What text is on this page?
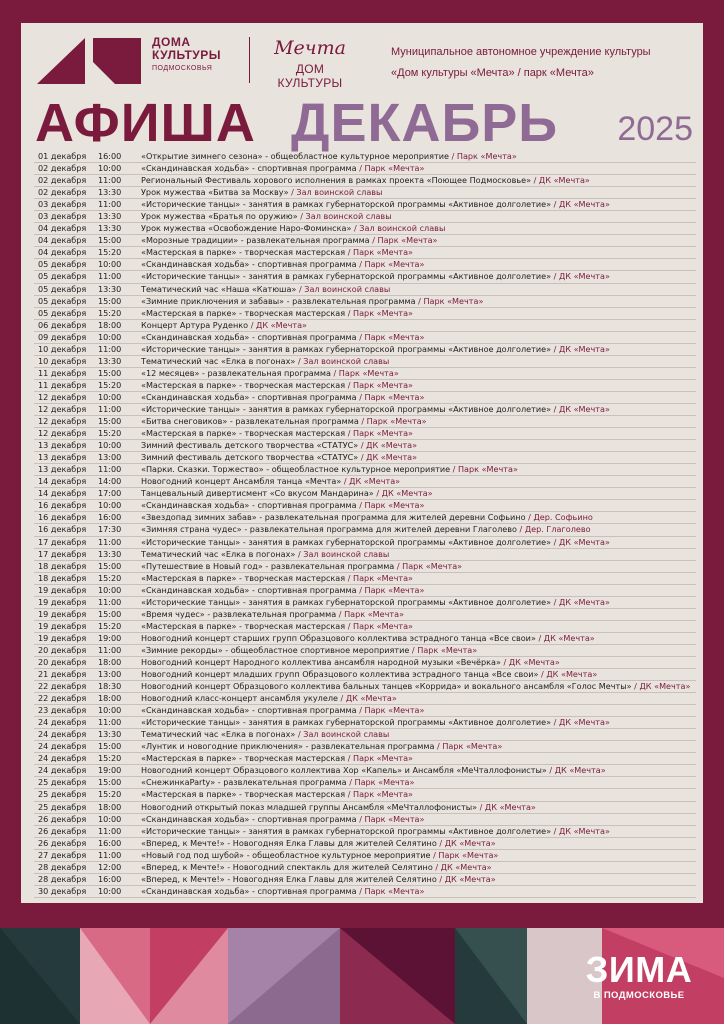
ДОМА
КУЛЬТУРЫ
ПОДМОСКОВЬЯ
Мечта
ДОМ КУЛЬТУРЫ
Муниципальное автономное учреждение культуры
«Дом культуры «Мечта» / парк «Мечта»
АФИША ДЕКАБРЬ 2025
01 декабря	16:00	«Открытие зимнего сезона» - общеобластное культурное мероприятие / Парк «Мечта»
02 декабря	10:00	«Скандинавская ходьба» - спортивная программа / Парк «Мечта»
02 декабря	11:00	Региональный Фестиваль хорового исполнения в рамках проекта «Поющее Подмосковье» / ДК «Мечта»
02 декабря	13:30	Урок мужества «Битва за Москву» / Зал воинской славы
03 декабря	11:00	«Исторические танцы» - занятия в рамках губернаторской программы «Активное долголетие» / ДК «Мечта»
03 декабря	13:30	Урок мужества «Братья по оружию» / Зал воинской славы
04 декабря	13:30	Урок мужества «Освобождение Наро-Фоминска» / Зал воинской славы
04 декабря	15:00	«Морозные традиции» - развлекательная программа / Парк «Мечта»
04 декабря	15:20	«Мастерская в парке» - творческая мастерская / Парк «Мечта»
05 декабря	10:00	«Скандинавская ходьба» - спортивная программа / Парк «Мечта»
05 декабря	11:00	«Исторические танцы» - занятия в рамках губернаторской программы «Активное долголетие» / ДК «Мечта»
05 декабря	13:30	Тематический час «Наша «Катюша» / Зал воинской славы
05 декабря	15:00	«Зимние приключения и забавы» - развлекательная программа / Парк «Мечта»
05 декабря	15:20	«Мастерская в парке» - творческая мастерская / Парк «Мечта»
06 декабря	18:00	Концерт Артура Руденко / ДК «Мечта»
09 декабря	10:00	«Скандинавская ходьба» - спортивная программа / Парк «Мечта»
10 декабря	11:00	«Исторические танцы» - занятия в рамках губернаторской программы «Активное долголетие» / ДК «Мечта»
10 декабря	13:30	Тематический час «Елка в погонах» / Зал воинской славы
11 декабря	15:00	«12 месяцев» - развлекательная программа / Парк «Мечта»
11 декабря	15:20	«Мастерская в парке» - творческая мастерская / Парк «Мечта»
12 декабря	10:00	«Скандинавская ходьба» - спортивная программа / Парк «Мечта»
12 декабря	11:00	«Исторические танцы» - занятия в рамках губернаторской программы «Активное долголетие» / ДК «Мечта»
12 декабря	15:00	«Битва снеговиков» - развлекательная программа / Парк «Мечта»
12 декабря	15:20	«Мастерская в парке» - творческая мастерская / Парк «Мечта»
13 декабря	10:00	Зимний фестиваль детского творчества «СТАТУС» / ДК «Мечта»
13 декабря	13:00	Зимний фестиваль детского творчества «СТАТУС» / ДК «Мечта»
13 декабря	11:00	«Парки. Сказки. Торжество» - общеобластное культурное мероприятие / Парк «Мечта»
14 декабря	14:00	Новогодний концерт Ансамбля танца «Мечта» / ДК «Мечта»
14 декабря	17:00	Танцевальный дивертисмент «Со вкусом Мандарина» / ДК «Мечта»
16 декабря	10:00	«Скандинавская ходьба» - спортивная программа / Парк «Мечта»
16 декабря	16:00	«Звездопад зимних забав» - развлекательная программа для жителей деревни Софьино / Дер. Софьино
16 декабря	17:30	«Зимняя страна чудес» - развлекательная программа для жителей деревни Глаголево / Дер. Глаголево
17 декабря	11:00	«Исторические танцы» - занятия в рамках губернаторской программы «Активное долголетие» / ДК «Мечта»
17 декабря	13:30	Тематический час «Елка в погонах» / Зал воинской славы
18 декабря	15:00	«Путешествие в Новый год» - развлекательная программа / Парк «Мечта»
18 декабря	15:20	«Мастерская в парке» - творческая мастерская / Парк «Мечта»
19 декабря	10:00	«Скандинавская ходьба» - спортивная программа / Парк «Мечта»
19 декабря	11:00	«Исторические танцы» - занятия в рамках губернаторской программы «Активное долголетие» / ДК «Мечта»
19 декабря	15:00	«Время чудес» - развлекательная программа / Парк «Мечта»
19 декабря	15:20	«Мастерская в парке» - творческая мастерская / Парк «Мечта»
19 декабря	19:00	Новогодний концерт старших групп Образцового коллектива эстрадного танца «Все свои» / ДК «Мечта»
20 декабря	11:00	«Зимние рекорды» - общеобластное спортивное мероприятие / Парк «Мечта»
20 декабря	18:00	Новогодний концерт Народного коллектива ансамбля народной музыки «Вечёрка» / ДК «Мечта»
21 декабря	13:00	Новогодний концерт младших групп Образцового коллектива эстрадного танца «Все свои» / ДК «Мечта»
22 декабря	18:30	Новогодний концерт Образцового коллектива бальных танцев «Коррида» и вокального ансамбля «Голос Мечты» / ДК «Мечта»
22 декабря	18:00	Новогодний класс-концерт ансамбля укулеле / ДК «Мечта»
23 декабря	10:00	«Скандинавская ходьба» - спортивная программа / Парк «Мечта»
24 декабря	11:00	«Исторические танцы» - занятия в рамках губернаторской программы «Активное долголетие» / ДК «Мечта»
24 декабря	13:30	Тематический час «Елка в погонах» / Зал воинской славы
24 декабря	15:00	«Лунтик и новогодние приключения» - развлекательная программа / Парк «Мечта»
24 декабря	15:20	«Мастерская в парке» - творческая мастерская / Парк «Мечта»
24 декабря	19:00	Новогодний концерт Образцового коллектива Хор «Капель» и Ансамбля «МеЧталлофонисты» / ДК «Мечта»
25 декабря	15:00	«СнежинкаParty» - развлекательная программа / Парк «Мечта»
25 декабря	15:20	«Мастерская в парке» - творческая мастерская / Парк «Мечта»
25 декабря	18:00	Новогодний открытый показ младшей группы Ансамбля «МеЧталлофонисты» / ДК «Мечта»
26 декабря	10:00	«Скандинавская ходьба» - спортивная программа / Парк «Мечта»
26 декабря	11:00	«Исторические танцы» - занятия в рамках губернаторской программы «Активное долголетие» / ДК «Мечта»
26 декабря	16:00	«Вперед, к Мечте!» - Новогодняя Елка Главы для жителей Селятино / ДК «Мечта»
27 декабря	11:00	«Новый год под шубой» - общеобластное культурное мероприятие / Парк «Мечта»
28 декабря	12:00	«Вперед, к Мечте!» - Новогодний спектакль для жителей Селятино / ДК «Мечта»
28 декабря	16:00	«Вперед, к Мечте!» - Новогодняя Елка Главы для жителей Селятино / ДК «Мечта»
30 декабря	10:00	«Скандинавская ходьба» - спортивная программа / Парк «Мечта»
ЗИМА
В ПОДМОСКОВЬЕ
